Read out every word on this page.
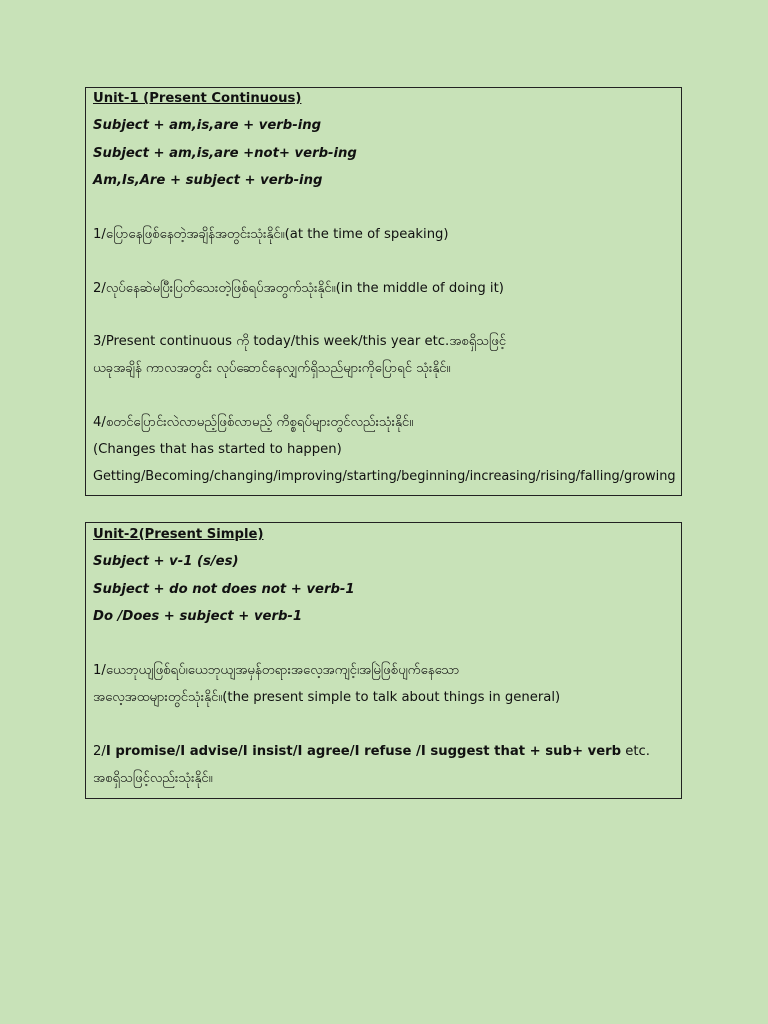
Unit-1 (Present Continuous)
Subject + am,is,are + verb-ing
Subject + am,is,are +not+ verb-ing
Am,Is,Are + subject + verb-ing
1/ပြောနေဖြစ်နေတဲ့အချိန်အတွင်းသုံးနိုင်။(at the time of speaking)
2/လုပ်နေဆဲမပြီးပြတ်သေးတဲ့ဖြစ်ရပ်အတွက်သုံးနိုင်။(in the middle of doing it)
3/Present continuous ကို today/this week/this year etc.အစရှိသဖြင့်
ယခုအချိန် ကာလအတွင်း လုပ်ဆောင်နေလျှက်ရှိသည်များကိုပြောရင် သုံးနိုင်။
4/စတင်ပြောင်းလဲလာမည့်ဖြစ်လာမည့် ကိစ္စရပ်များတွင်လည်းသုံးနိုင်။
(Changes that has started to happen)
Getting/Becoming/changing/improving/starting/beginning/increasing/rising/falling/growing
Unit-2(Present Simple)
Subject + v-1 (s/es)
Subject + do not does not + verb-1
Do /Does + subject + verb-1
1/ယေဘုယျဖြစ်ရပ်၊ယေဘုယျအမှန်တရားအလေ့အကျင့်၊အမြဲဖြစ်ပျက်နေသော
အလေ့အထများတွင်သုံးနိုင်။(the present simple to talk about things in general)
2/I promise/I advise/I insist/I agree/I refuse /I suggest that + sub+ verb etc.
အစရှိသဖြင့်လည်းသုံးနိုင်။
